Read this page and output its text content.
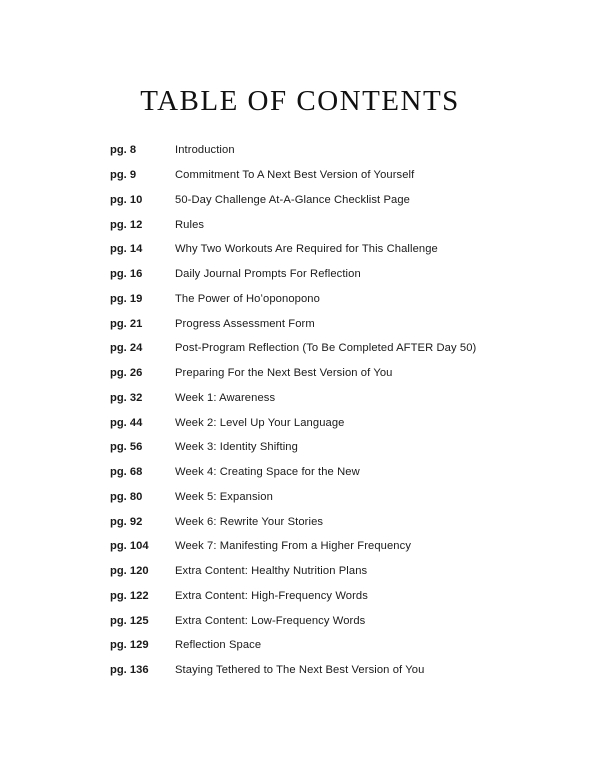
TABLE OF CONTENTS
pg. 8	Introduction
pg. 9	Commitment To A Next Best Version of Yourself
pg. 10	50-Day Challenge At-A-Glance Checklist Page
pg. 12	Rules
pg. 14	Why Two Workouts Are Required for This Challenge
pg. 16	Daily Journal Prompts For Reflection
pg. 19	The Power of Hoʻoponopono
pg. 21	Progress Assessment Form
pg. 24	Post-Program Reflection (To Be Completed AFTER Day 50)
pg. 26	Preparing For the Next Best Version of You
pg. 32	Week 1: Awareness
pg. 44	Week 2: Level Up Your Language
pg. 56	Week 3: Identity Shifting
pg. 68	Week 4: Creating Space for the New
pg. 80	Week 5: Expansion
pg. 92	Week 6: Rewrite Your Stories
pg. 104	Week 7: Manifesting From a Higher Frequency
pg. 120	Extra Content: Healthy Nutrition Plans
pg. 122	Extra Content: High-Frequency Words
pg. 125	Extra Content: Low-Frequency Words
pg. 129	Reflection Space
pg. 136	Staying Tethered to The Next Best Version of You
